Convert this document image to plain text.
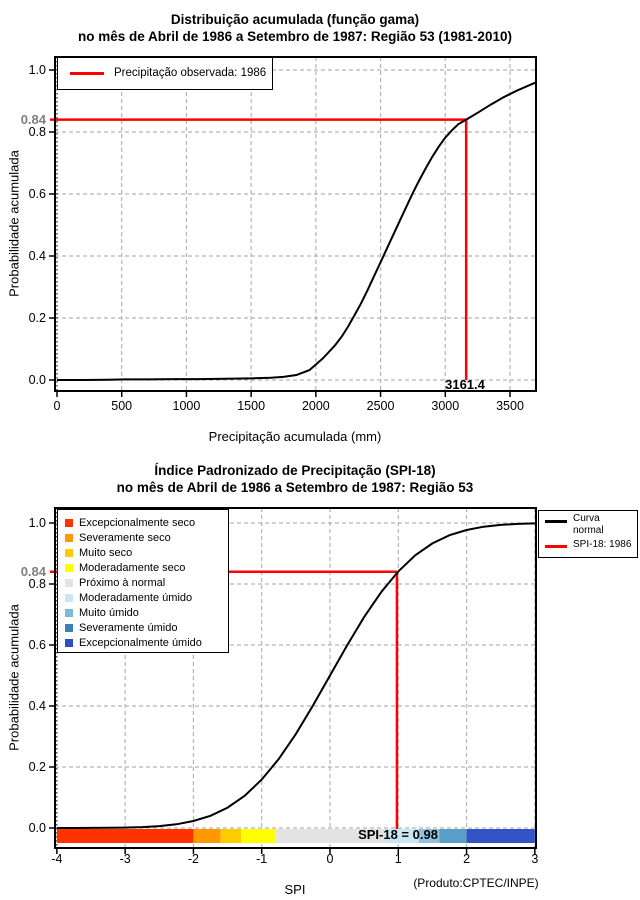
Distribuição acumulada (função gama)
no mês de Abril de 1986 a Setembro de 1987: Região 53 (1981-2010)
Probabilidade acumulada
Precipitação acumulada (mm)
0.84
3161.4
Precipitação observada: 1986
Índice Padronizado de Precipitação (SPI-18)
no mês de Abril de 1986 a Setembro de 1987: Região 53
Probabilidade acumulada
SPI	(Produto:CPTEC/INPE)
0.84
SPI-18 = 0.98
Excepcionalmente seco
Severamente seco
Muito seco
Moderadamente seco
Próximo à normal
Moderadamente úmido
Muito úmido
Severamente úmido
Excepcionalmente úmido
Curva
normal
SPI-18: 1986
0	500	1000	1500	2000	2500	3000	3500
0.0
0.2
0.4
0.6
0.8
1.0
-4	-3	-2	-1	0	1	2	3
0.0
0.2
0.4
0.6
0.8
1.0
